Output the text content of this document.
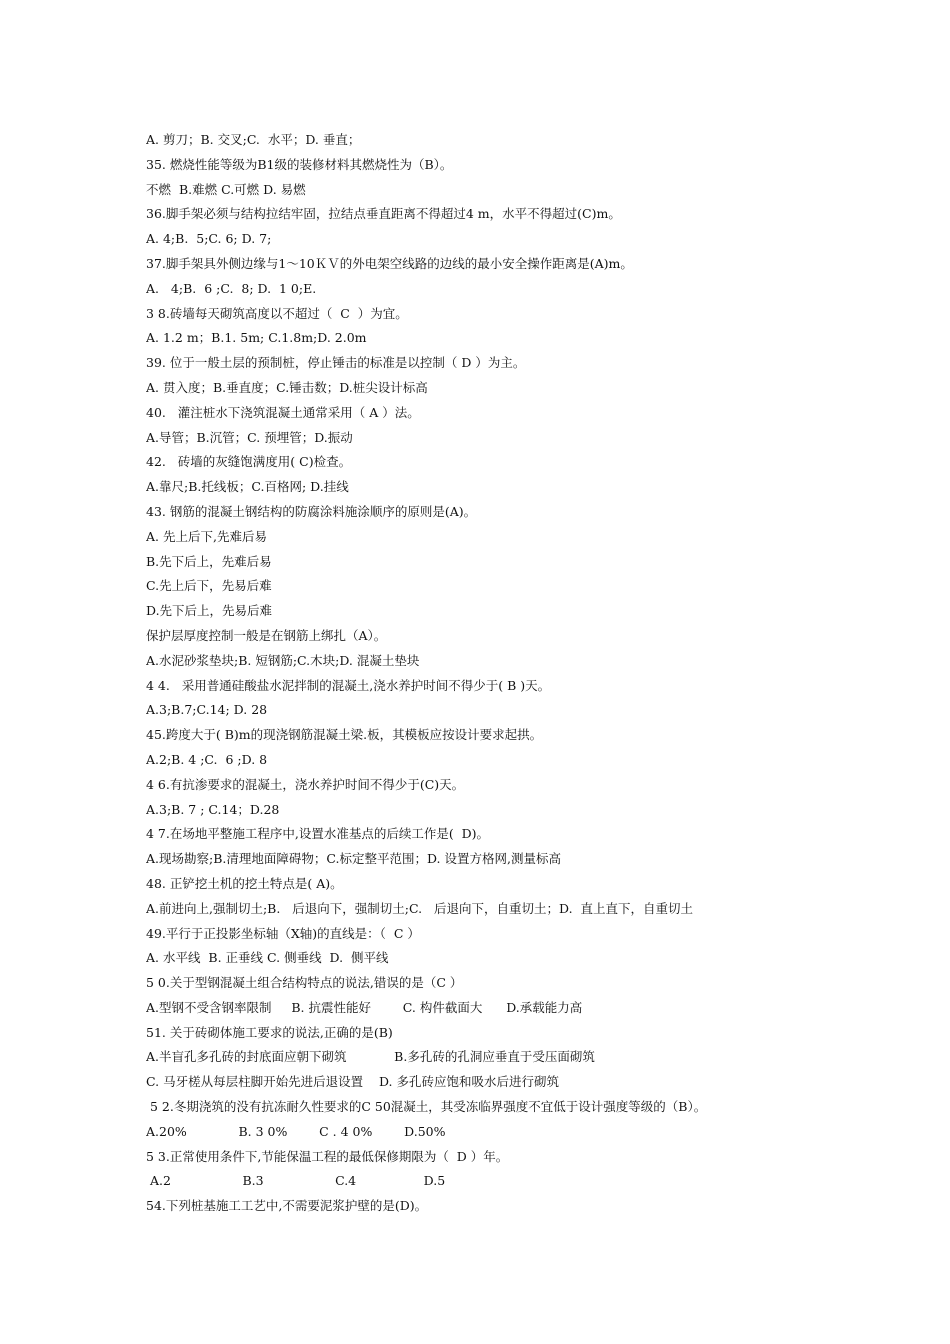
A. 剪刀；B. 交叉;C.  水平；D. 垂直；
35. 燃烧性能等级为B1级的装修材料其燃烧性为（B）。
不燃  B.难燃 C.可燃 D. 易燃
36.脚手架必须与结构拉结牢固，拉结点垂直距离不得超过4 m，水平不得超过(C)m。
A. 4;B.  5;C. 6; D. 7;
37.脚手架具外侧边缘与1～10ＫＶ的外电架空线路的边线的最小安全操作距离是(A)m。
A.   4;B.  6 ;C.  8; D.  1 0;E.
3 8.砖墙每天砌筑高度以不超过（  C  ）为宜。
A. 1.2 m；B.1. 5m; C.1.8m;D. 2.0m
39. 位于一般土层的预制桩，停止锤击的标准是以控制（ D ）为主。
A. 贯入度；B.垂直度；C.锤击数；D.桩尖设计标高
40.   灌注桩水下浇筑混凝土通常采用（ A ）法。
A.导管；B.沉管；C. 预埋管；D.振动
42.   砖墙的灰缝饱满度用( C)检查。
A.靠尺;B.托线板；C.百格网; D.挂线
43. 钢筋的混凝土钢结构的防腐涂料施涂顺序的原则是(A)。
A. 先上后下,先难后易
B.先下后上，先难后易
C.先上后下，先易后难
D.先下后上，先易后难
保护层厚度控制一般是在钢筋上绑扎（A）。
A.水泥砂浆垫块;B. 短钢筋;C.木块;D. 混凝土垫块
4 4.   采用普通硅酸盐水泥拌制的混凝土,浇水养护时间不得少于( B )天。
A.3;B.7;C.14; D. 28
45.跨度大于( B)m的现浇钢筋混凝土梁.板，其模板应按设计要求起拱。
A.2;B. 4 ;C.  6 ;D. 8
4 6.有抗渗要求的混凝土，浇水养护时间不得少于(C)天。
A.3;B. 7 ; C.14；D.28
4 7.在场地平整施工程序中,设置水准基点的后续工作是(  D)。
A.现场勘察;B.清理地面障碍物；C.标定整平范围；D. 设置方格网,测量标高
48. 正铲挖土机的挖土特点是( A)。
A.前进向上,强制切土;B.   后退向下，强制切土;C.   后退向下，自重切土；D.  直上直下，自重切土
49.平行于正投影坐标轴（X轴)的直线是：（  C ）
A. 水平线  B. 正垂线 C. 侧垂线  D.  侧平线
5 0.关于型钢混凝土组合结构特点的说法,错误的是（C ）
A.型钢不受含钢率限制     B. 抗震性能好        C. 构件截面大      D.承载能力高
51. 关于砖砌体施工要求的说法,正确的是(B)
A.半盲孔多孔砖的封底面应朝下砌筑            B.多孔砖的孔洞应垂直于受压面砌筑
C. 马牙槎从每层柱脚开始先进后退设置    D. 多孔砖应饱和吸水后进行砌筑
5 2.冬期浇筑的没有抗冻耐久性要求的C 50混凝土，其受冻临界强度不宜低于设计强度等级的（B）。
A.20%             B. 3 0%        C . 4 0%        D.50%
5 3.正常使用条件下,节能保温工程的最低保修期限为（  D ）年。
A.2                  B.3                  C.4                 D.5
54.下列桩基施工工艺中,不需要泥浆护壁的是(D)。
